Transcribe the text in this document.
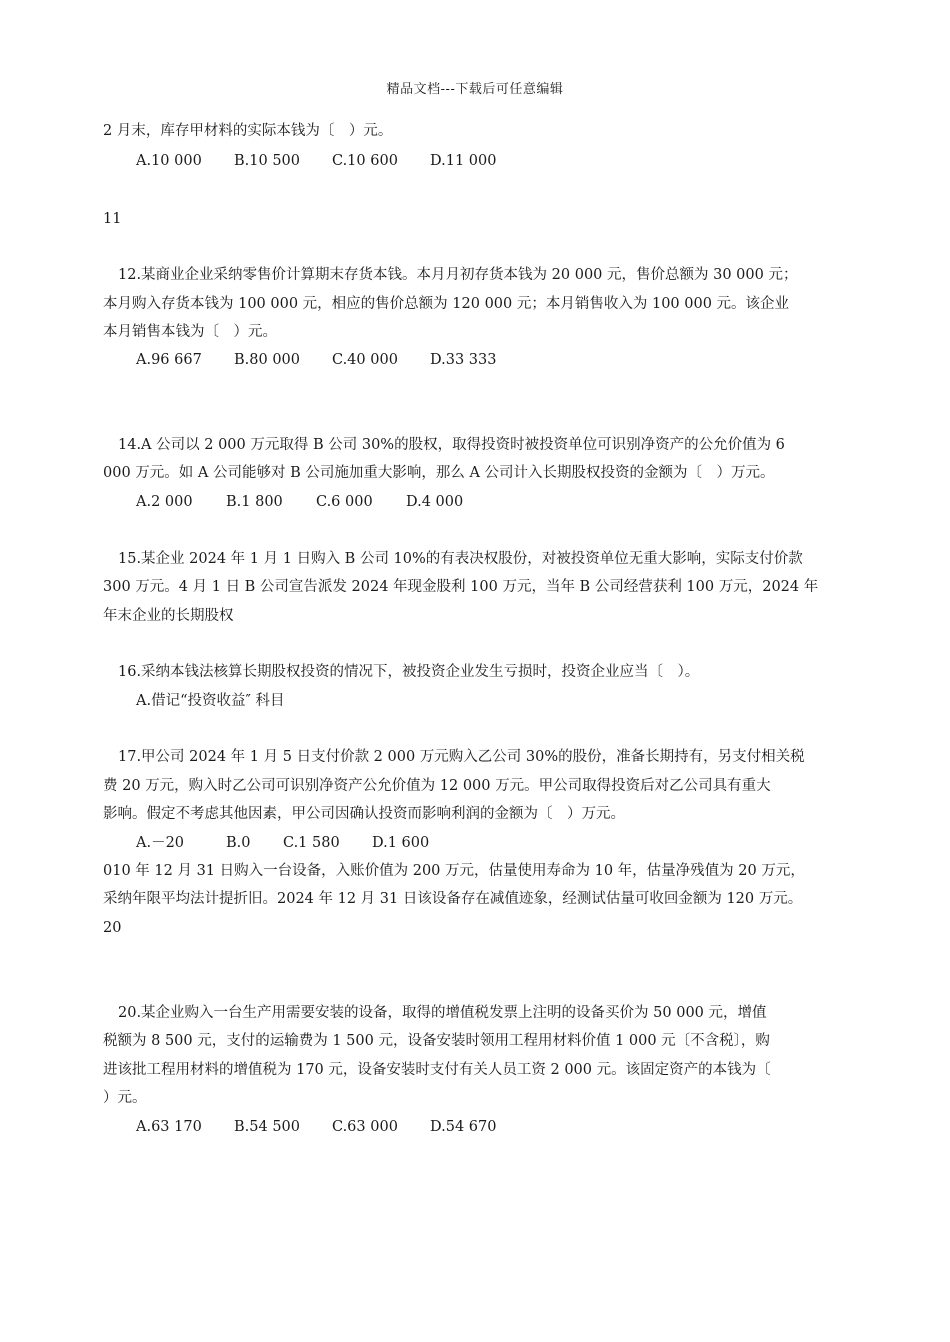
精品文档---下载后可任意编辑
2 月末，库存甲材料的实际本钱为〔　）元。
A.10 000 B.10 500 C.10 600 D.11 000
11
12.某商业企业采纳零售价计算期末存货本钱。本月月初存货本钱为 20 000 元，售价总额为 30 000 元；
本月购入存货本钱为 100 000 元，相应的售价总额为 120 000 元；本月销售收入为 100 000 元。该企业
本月销售本钱为〔　）元。
A.96 667 B.80 000 C.40 000 D.33 333
14.A 公司以 2 000 万元取得 B 公司 30%的股权，取得投资时被投资单位可识别净资产的公允价值为 6
000 万元。如 A 公司能够对 B 公司施加重大影响，那么 A 公司计入长期股权投资的金额为〔　）万元。
A.2 000 B.1 800 C.6 000 D.4 000
15.某企业 2024 年 1 月 1 日购入 B 公司 10%的有表决权股份，对被投资单位无重大影响，实际支付价款
300 万元。4 月 1 日 B 公司宣告派发 2024 年现金股利 100 万元，当年 B 公司经营获利 100 万元，2024 年
年末企业的长期股权
16.采纳本钱法核算长期股权投资的情况下，被投资企业发生亏损时，投资企业应当〔　）。
A.借记“投资收益″ 科目
17.甲公司 2024 年 1 月 5 日支付价款 2 000 万元购入乙公司 30%的股份，准备长期持有，另支付相关税
费 20 万元，购入时乙公司可识别净资产公允价值为 12 000 万元。甲公司取得投资后对乙公司具有重大
影响。假定不考虑其他因素，甲公司因确认投资而影响利润的金额为〔　）万元。
A.－20	B.0 C.1 580 D.1 600
010 年 12 月 31 日购入一台设备，入账价值为 200 万元，估量使用寿命为 10 年，估量净残值为 20 万元，
采纳年限平均法计提折旧。2024 年 12 月 31 日该设备存在减值迹象，经测试估量可收回金额为 120 万元。
20
20.某企业购入一台生产用需要安装的设备，取得的增值税发票上注明的设备买价为 50 000 元，增值
税额为 8 500 元，支付的运输费为 1 500 元，设备安装时领用工程用材料价值 1 000 元〔不含税〕，购
进该批工程用材料的增值税为 170 元，设备安装时支付有关人员工资 2 000 元。该固定资产的本钱为〔
）元。
A.63 170 B.54 500 C.63 000 D.54 670
